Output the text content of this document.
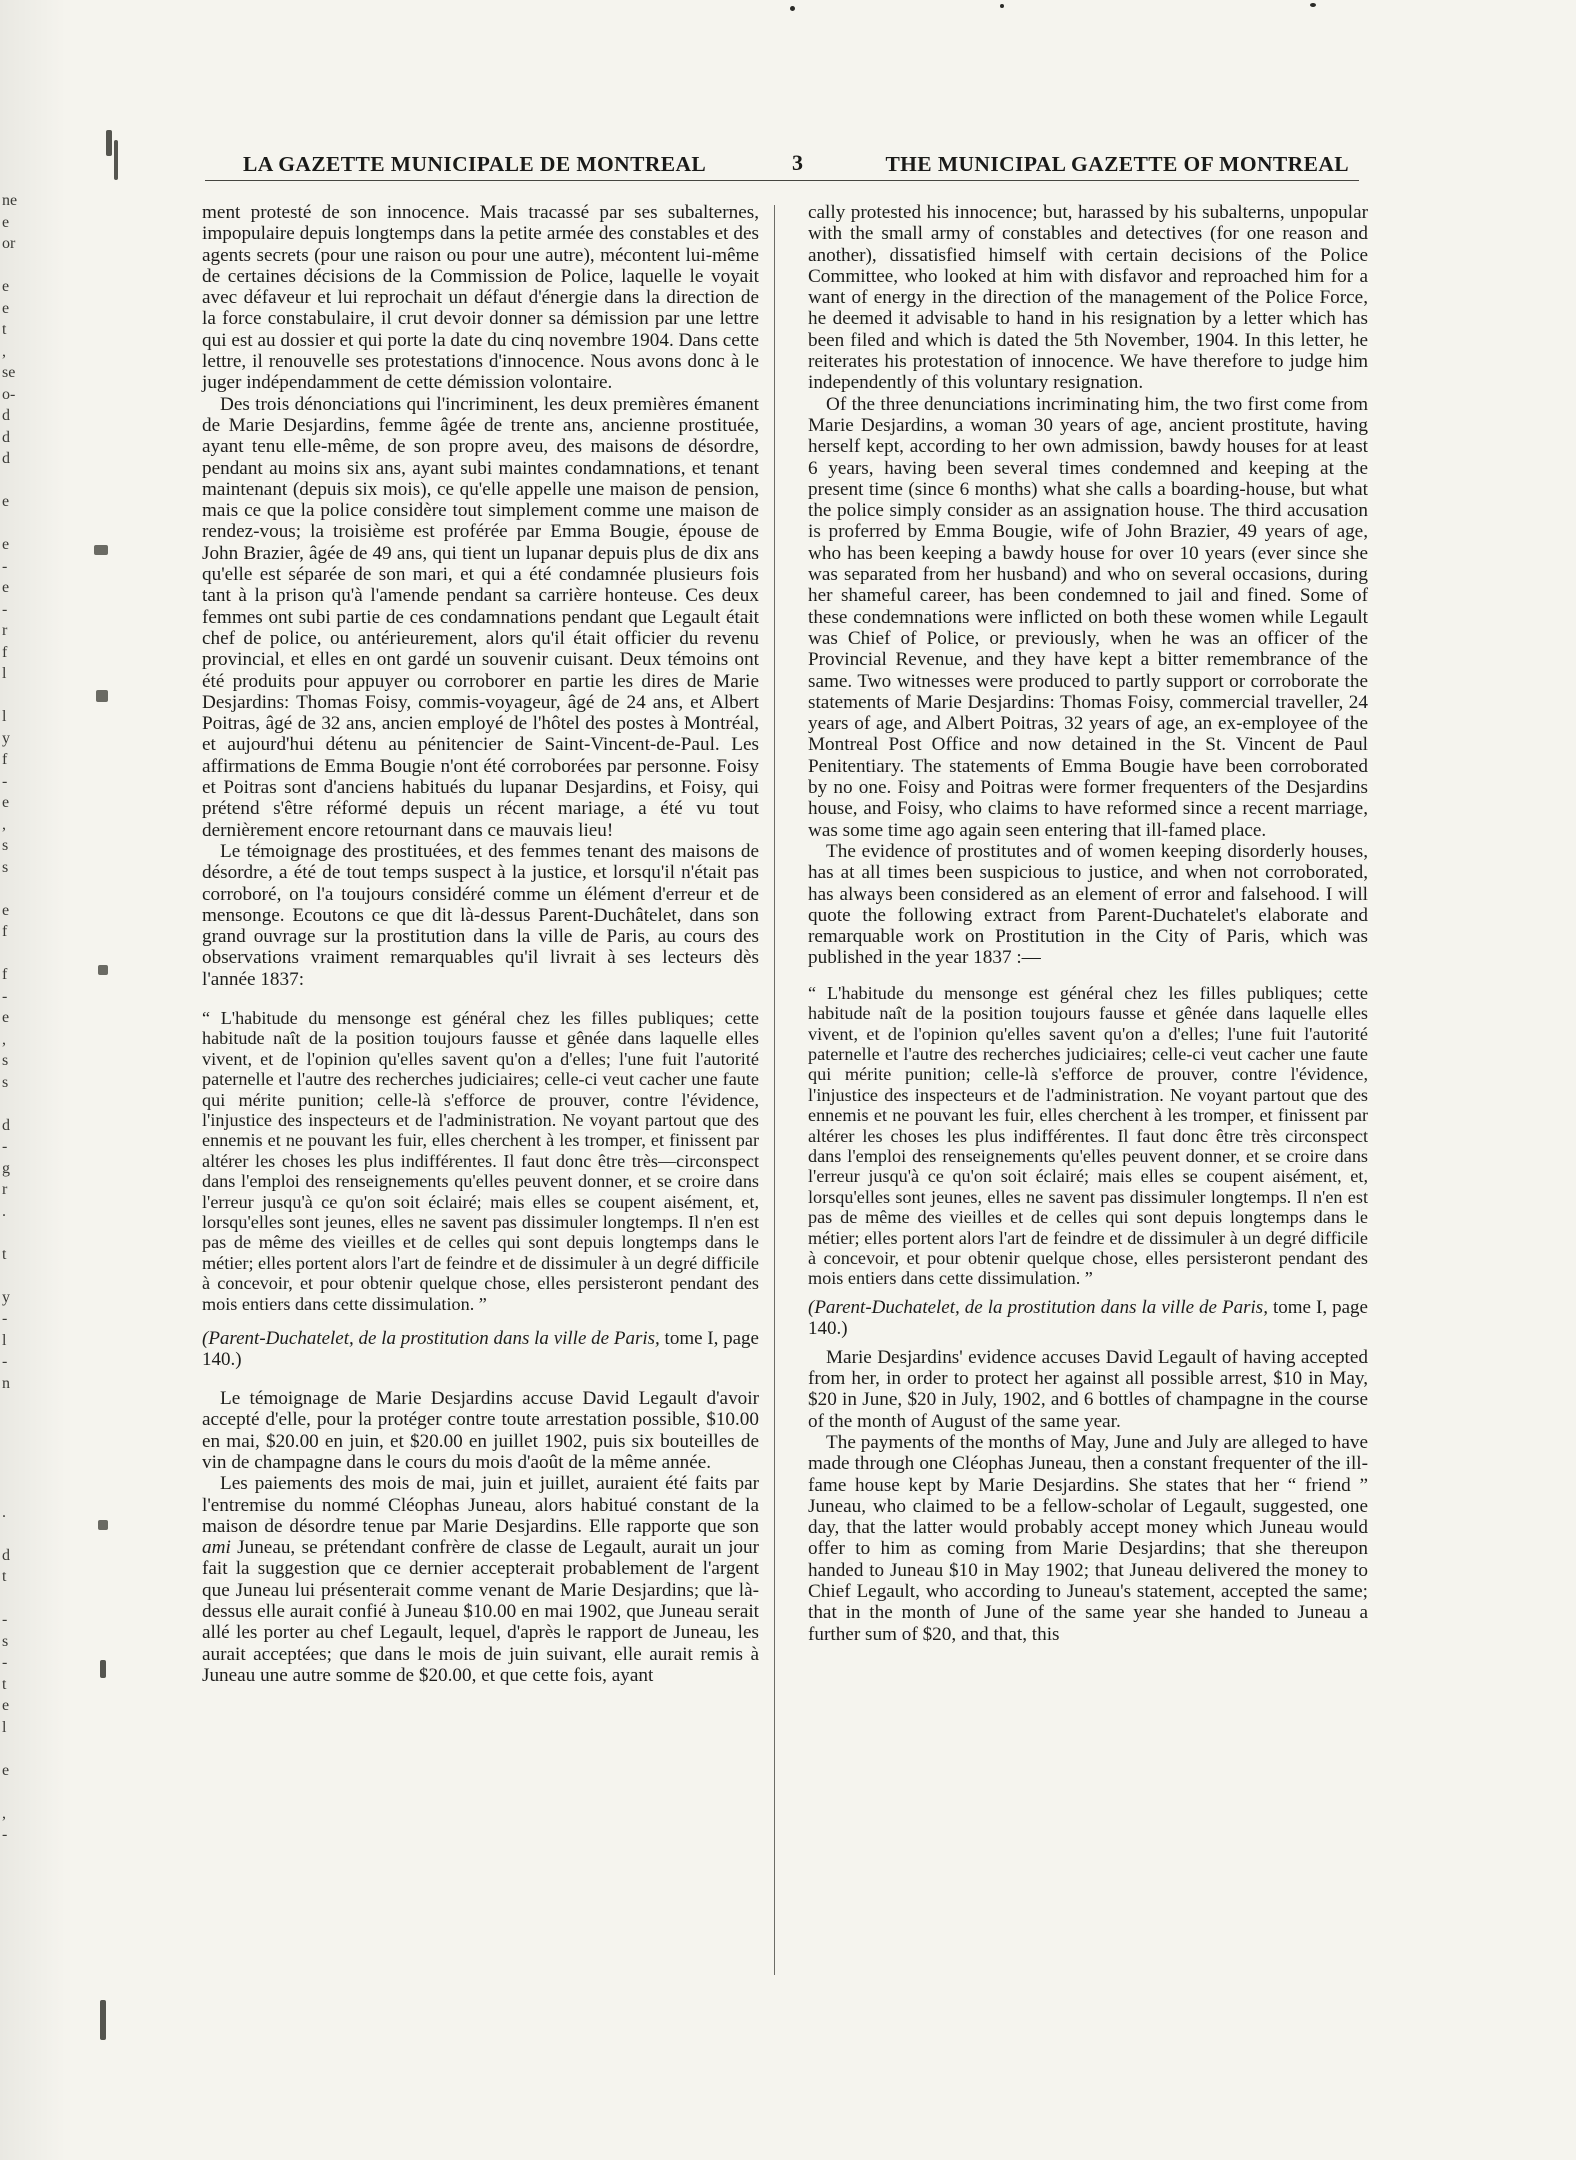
ne
e
or

e
e
t
,
se
o-
d
d
d

e

e
-
e
-
r
f
l

l
y
f
-
e
,
s
s

e
f

f
-
e
,
s
s

d
-
g
r
.

t

y
-
l
-
n

.

d
t

-
s
-
t
e
l

e

,
-
LA GAZETTE MUNICIPALE DE MONTREAL	3	THE MUNICIPAL GAZETTE OF MONTREAL

ment protesté de son innocence. Mais tracassé par ses subalternes, impopulaire depuis longtemps dans la petite armée des constables et des agents secrets (pour une raison ou pour une autre), mécontent lui-même de certaines décisions de la Commission de Police, laquelle le voyait avec défaveur et lui reprochait un défaut d'énergie dans la direction de la force constabulaire, il crut devoir donner sa démission par une lettre qui est au dossier et qui porte la date du cinq novembre 1904. Dans cette lettre, il renouvelle ses protestations d'innocence. Nous avons donc à le juger indépendamment de cette démission volontaire.

Des trois dénonciations qui l'incriminent, les deux premières émanent de Marie Desjardins, femme âgée de trente ans, ancienne prostituée, ayant tenu elle-même, de son propre aveu, des maisons de désordre, pendant au moins six ans, ayant subi maintes condamnations, et tenant maintenant (depuis six mois), ce qu'elle appelle une maison de pension, mais ce que la police considère tout simplement comme une maison de rendez-vous; la troisième est proférée par Emma Bougie, épouse de John Brazier, âgée de 49 ans, qui tient un lupanar depuis plus de dix ans qu'elle est séparée de son mari, et qui a été condamnée plusieurs fois tant à la prison qu'à l'amende pendant sa carrière honteuse. Ces deux femmes ont subi partie de ces condamnations pendant que Legault était chef de police, ou antérieurement, alors qu'il était officier du revenu provincial, et elles en ont gardé un souvenir cuisant. Deux témoins ont été produits pour appuyer ou corroborer en partie les dires de Marie Desjardins: Thomas Foisy, commis-voyageur, âgé de 24 ans, et Albert Poitras, âgé de 32 ans, ancien employé de l'hôtel des postes à Montréal, et aujourd'hui détenu au pénitencier de Saint-Vincent-de-Paul. Les affirmations de Emma Bougie n'ont été corroborées par personne. Foisy et Poitras sont d'anciens habitués du lupanar Desjardins, et Foisy, qui prétend s'être réformé depuis un récent mariage, a été vu tout dernièrement encore retournant dans ce mauvais lieu!

Le témoignage des prostituées, et des femmes tenant des maisons de désordre, a été de tout temps suspect à la justice, et lorsqu'il n'était pas corroboré, on l'a toujours considéré comme un élément d'erreur et de mensonge. Ecoutons ce que dit là-dessus Parent-Duchâtelet, dans son grand ouvrage sur la prostitution dans la ville de Paris, au cours des observations vraiment remarquables qu'il livrait à ses lecteurs dès l'année 1837:

“ L'habitude du mensonge est général chez les filles publiques; cette habitude naît de la position toujours fausse et gênée dans laquelle elles vivent, et de l'opinion qu'elles savent qu'on a d'elles; l'une fuit l'autorité paternelle et l'autre des recherches judiciaires; celle-ci veut cacher une faute qui mérite punition; celle-là s'efforce de prouver, contre l'évidence, l'injustice des inspecteurs et de l'administration. Ne voyant partout que des ennemis et ne pouvant les fuir, elles cherchent à les tromper, et finissent par altérer les choses les plus indifférentes. Il faut donc être très—circonspect dans l'emploi des renseignements qu'elles peuvent donner, et se croire dans l'erreur jusqu'à ce qu'on soit éclairé; mais elles se coupent aisément, et, lorsqu'elles sont jeunes, elles ne savent pas dissimuler longtemps. Il n'en est pas de même des vieilles et de celles qui sont depuis longtemps dans le métier; elles portent alors l'art de feindre et de dissimuler à un degré difficile à concevoir, et pour obtenir quelque chose, elles persisteront pendant des mois entiers dans cette dissimulation. ”

(Parent-Duchatelet, de la prostitution dans la ville de Paris, tome I, page 140.)

Le témoignage de Marie Desjardins accuse David Legault d'avoir accepté d'elle, pour la protéger contre toute arrestation possible, $10.00 en mai, $20.00 en juin, et $20.00 en juillet 1902, puis six bouteilles de vin de champagne dans le cours du mois d'août de la même année.

Les paiements des mois de mai, juin et juillet, auraient été faits par l'entremise du nommé Cléophas Juneau, alors habitué constant de la maison de désordre tenue par Marie Desjardins. Elle rapporte que son ami Juneau, se prétendant confrère de classe de Legault, aurait un jour fait la suggestion que ce dernier accepterait probablement de l'argent que Juneau lui présenterait comme venant de Marie Desjardins; que là-dessus elle aurait confié à Juneau $10.00 en mai 1902, que Juneau serait allé les porter au chef Legault, lequel, d'après le rapport de Juneau, les aurait acceptées; que dans le mois de juin suivant, elle aurait remis à Juneau une autre somme de $20.00, et que cette fois, ayant

cally protested his innocence; but, harassed by his subalterns, unpopular with the small army of constables and detectives (for one reason and another), dissatisfied himself with certain decisions of the Police Committee, who looked at him with disfavor and reproached him for a want of energy in the direction of the management of the Police Force, he deemed it advisable to hand in his resignation by a letter which has been filed and which is dated the 5th November, 1904. In this letter, he reiterates his protestation of innocence. We have therefore to judge him independently of this voluntary resignation.

Of the three denunciations incriminating him, the two first come from Marie Desjardins, a woman 30 years of age, ancient prostitute, having herself kept, according to her own admission, bawdy houses for at least 6 years, having been several times condemned and keeping at the present time (since 6 months) what she calls a boarding-house, but what the police simply consider as an assignation house. The third accusation is proferred by Emma Bougie, wife of John Brazier, 49 years of age, who has been keeping a bawdy house for over 10 years (ever since she was separated from her husband) and who on several occasions, during her shameful career, has been condemned to jail and fined. Some of these condemnations were inflicted on both these women while Legault was Chief of Police, or previously, when he was an officer of the Provincial Revenue, and they have kept a bitter remembrance of the same. Two witnesses were produced to partly support or corroborate the statements of Marie Desjardins: Thomas Foisy, commercial traveller, 24 years of age, and Albert Poitras, 32 years of age, an ex-employee of the Montreal Post Office and now detained in the St. Vincent de Paul Penitentiary. The statements of Emma Bougie have been corroborated by no one. Foisy and Poitras were former frequenters of the Desjardins house, and Foisy, who claims to have reformed since a recent marriage, was some time ago again seen entering that ill-famed place.

The evidence of prostitutes and of women keeping disorderly houses, has at all times been suspicious to justice, and when not corroborated, has always been considered as an element of error and falsehood. I will quote the following extract from Parent-Duchatelet's elaborate and remarquable work on Prostitution in the City of Paris, which was published in the year 1837 :—

“ L'habitude du mensonge est général chez les filles publiques; cette habitude naît de la position toujours fausse et gênée dans laquelle elles vivent, et de l'opinion qu'elles savent qu'on a d'elles; l'une fuit l'autorité paternelle et l'autre des recherches judiciaires; celle-ci veut cacher une faute qui mérite punition; celle-là s'efforce de prouver, contre l'évidence, l'injustice des inspecteurs et de l'administration. Ne voyant partout que des ennemis et ne pouvant les fuir, elles cherchent à les tromper, et finissent par altérer les choses les plus indifférentes. Il faut donc être très circonspect dans l'emploi des renseignements qu'elles peuvent donner, et se croire dans l'erreur jusqu'à ce qu'on soit éclairé; mais elles se coupent aisément, et, lorsqu'elles sont jeunes, elles ne savent pas dissimuler longtemps. Il n'en est pas de même des vieilles et de celles qui sont depuis longtemps dans le métier; elles portent alors l'art de feindre et de dissimuler à un degré difficile à concevoir, et pour obtenir quelque chose, elles persisteront pendant des mois entiers dans cette dissimulation. ”

(Parent-Duchatelet, de la prostitution dans la ville de Paris, tome I, page 140.)

Marie Desjardins' evidence accuses David Legault of having accepted from her, in order to protect her against all possible arrest, $10 in May, $20 in June, $20 in July, 1902, and 6 bottles of champagne in the course of the month of August of the same year.

The payments of the months of May, June and July are alleged to have made through one Cléophas Juneau, then a constant frequenter of the ill-fame house kept by Marie Desjardins. She states that her “ friend ” Juneau, who claimed to be a fellow-scholar of Legault, suggested, one day, that the latter would probably accept money which Juneau would offer to him as coming from Marie Desjardins; that she thereupon handed to Juneau $10 in May 1902; that Juneau delivered the money to Chief Legault, who according to Juneau's statement, accepted the same; that in the month of June of the same year she handed to Juneau a further sum of $20, and that, this
